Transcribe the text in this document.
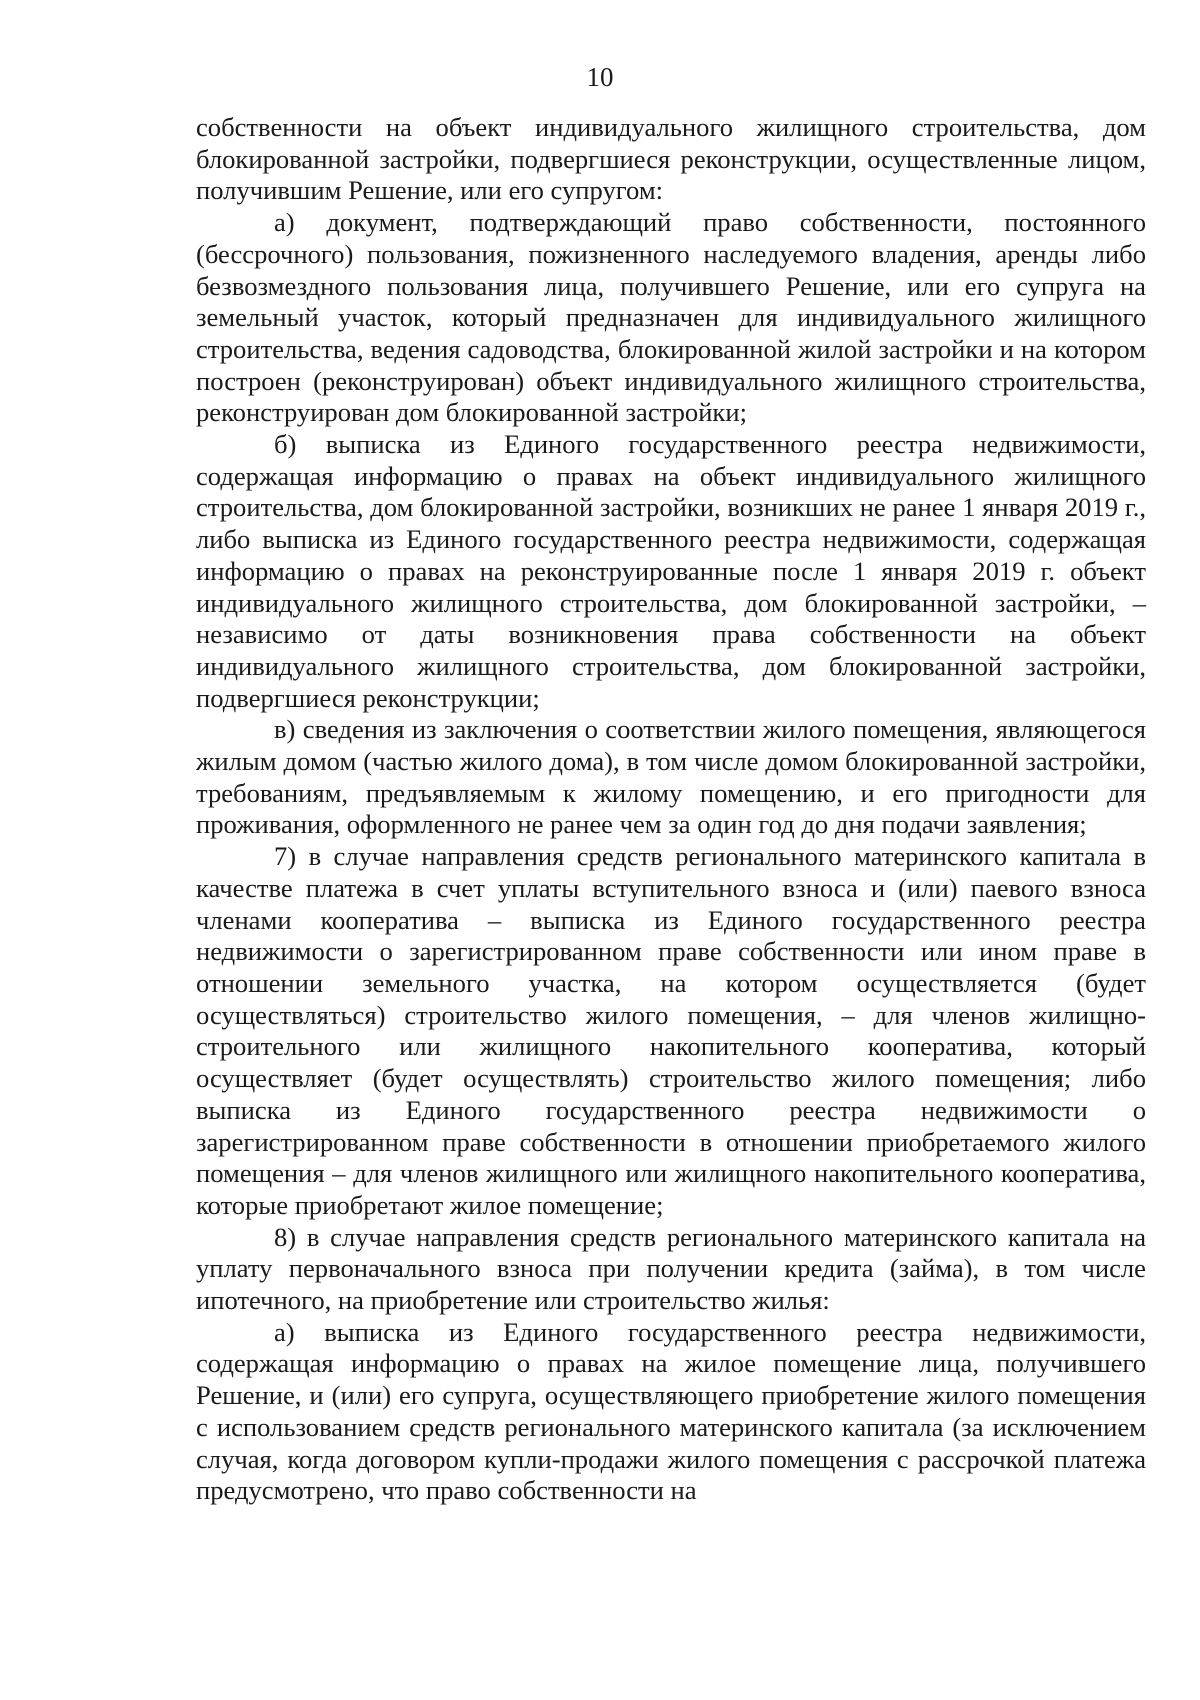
10

собственности на объект индивидуального жилищного строительства, дом блокированной застройки, подвергшиеся реконструкции, осуществленные лицом, получившим Решение, или его супругом:

а) документ, подтверждающий право собственности, постоянного (бессрочного) пользования, пожизненного наследуемого владения, аренды либо безвозмездного пользования лица, получившего Решение, или его супруга на земельный участок, который предназначен для индивидуального жилищного строительства, ведения садоводства, блокированной жилой застройки и на котором построен (реконструирован) объект индивидуального жилищного строительства, реконструирован дом блокированной застройки;

б) выписка из Единого государственного реестра недвижимости, содержащая информацию о правах на объект индивидуального жилищного строительства, дом блокированной застройки, возникших не ранее 1 января 2019 г., либо выписка из Единого государственного реестра недвижимости, содержащая информацию о правах на реконструированные после 1 января 2019 г. объект индивидуального жилищного строительства, дом блокированной застройки, – независимо от даты возникновения права собственности на объект индивидуального жилищного строительства, дом блокированной застройки, подвергшиеся реконструкции;

в) сведения из заключения о соответствии жилого помещения, являющегося жилым домом (частью жилого дома), в том числе домом блокированной застройки, требованиям, предъявляемым к жилому помещению, и его пригодности для проживания, оформленного не ранее чем за один год до дня подачи заявления;

7) в случае направления средств регионального материнского капитала в качестве платежа в счет уплаты вступительного взноса и (или) паевого взноса членами кооператива – выписка из Единого государственного реестра недвижимости о зарегистрированном праве собственности или ином праве в отношении земельного участка, на котором осуществляется (будет осуществляться) строительство жилого помещения, – для членов жилищно-строительного или жилищного накопительного кооператива, который осуществляет (будет осуществлять) строительство жилого помещения; либо выписка из Единого государственного реестра недвижимости о зарегистрированном праве собственности в отношении приобретаемого жилого помещения – для членов жилищного или жилищного накопительного кооператива, которые приобретают жилое помещение;

8) в случае направления средств регионального материнского капитала на уплату первоначального взноса при получении кредита (займа), в том числе ипотечного, на приобретение или строительство жилья:

а) выписка из Единого государственного реестра недвижимости, содержащая информацию о правах на жилое помещение лица, получившего Решение, и (или) его супруга, осуществляющего приобретение жилого помещения с использованием средств регионального материнского капитала (за исключением случая, когда договором купли-продажи жилого помещения с рассрочкой платежа предусмотрено, что право собственности на
